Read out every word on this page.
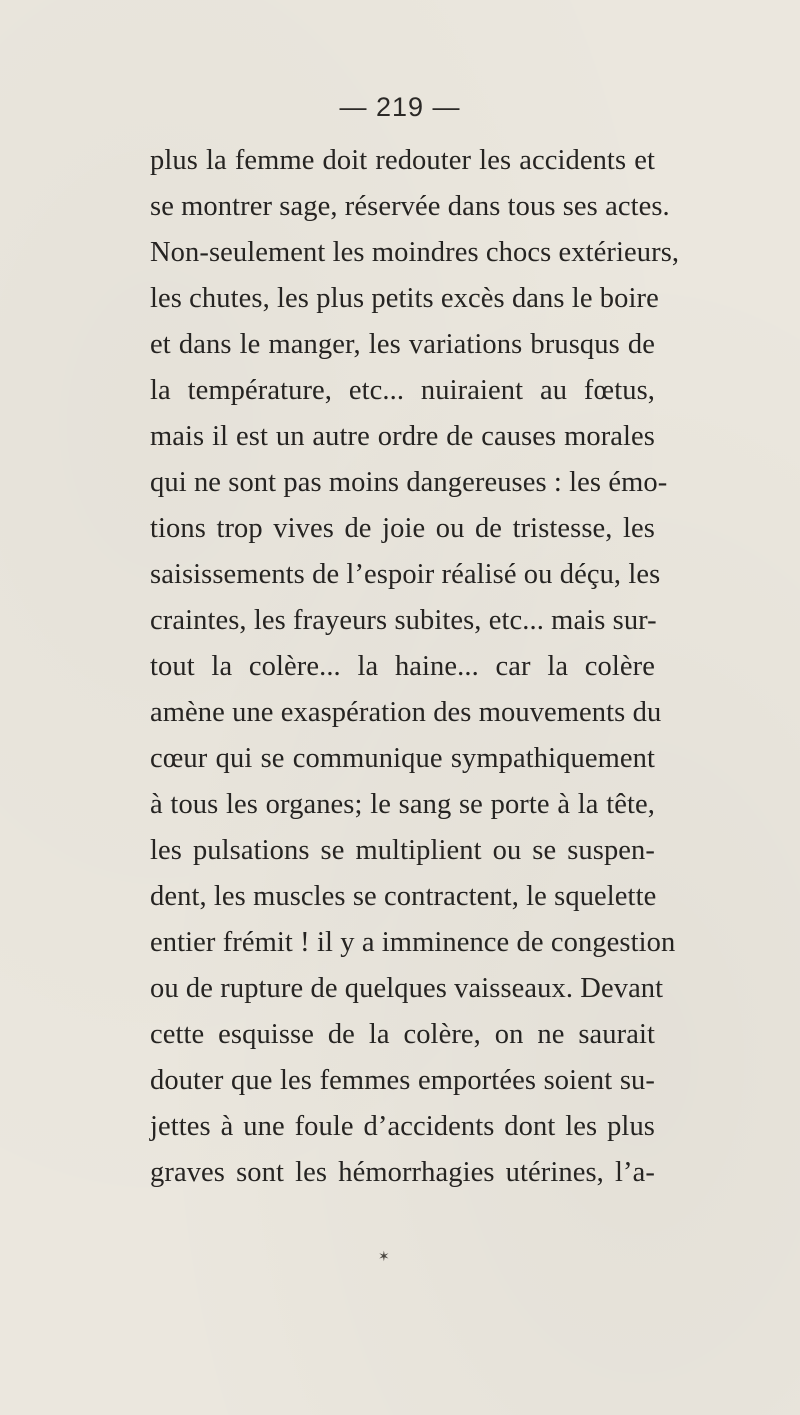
— 219 —
plus la femme doit redouter les accidents et
se montrer sage, réservée dans tous ses actes.
Non-seulement les moindres chocs extérieurs,
les chutes, les plus petits excès dans le boire
et dans le manger, les variations brusqus de
la température, etc... nuiraient au fœtus,
mais il est un autre ordre de causes morales
qui ne sont pas moins dangereuses : les émo-
tions trop vives de joie ou de tristesse, les
saisissements de l’espoir réalisé ou déçu, les
craintes, les frayeurs subites, etc... mais sur-
tout la colère... la haine... car la colère
amène une exaspération des mouvements du
cœur qui se communique sympathiquement
à tous les organes; le sang se porte à la tête,
les pulsations se multiplient ou se suspen-
dent, les muscles se contractent, le squelette
entier frémit ! il y a imminence de congestion
ou de rupture de quelques vaisseaux. Devant
cette esquisse de la colère, on ne saurait
douter que les femmes emportées soient su-
jettes à une foule d’accidents dont les plus
graves sont les hémorrhagies utérines, l’a-
✶
